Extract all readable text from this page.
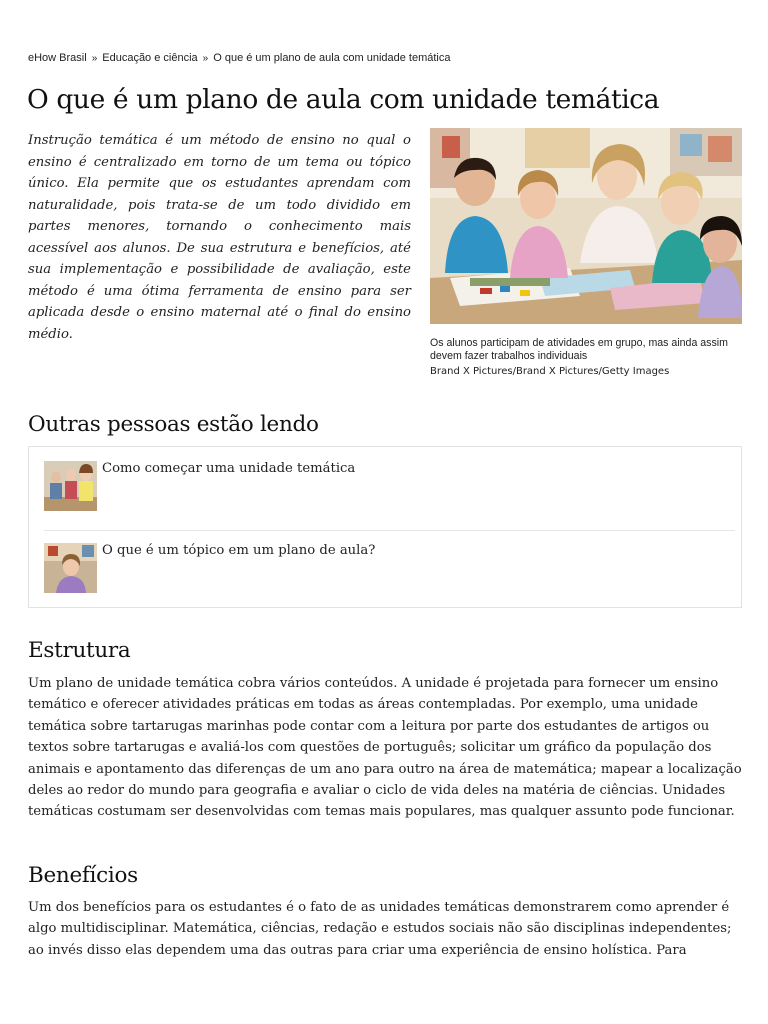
eHow Brasil » Educação e ciência » O que é um plano de aula com unidade temática
O que é um plano de aula com unidade temática

Instrução temática é um método de ensino no qual o ensino é centralizado em torno de um tema ou tópico único. Ela permite que os estudantes aprendam com naturalidade, pois trata-se de um todo dividido em partes menores, tornando o conhecimento mais acessível aos alunos. De sua estrutura e benefícios, até sua implementação e possibilidade de avaliação, este método é uma ótima ferramenta de ensino para ser aplicada desde o ensino maternal até o final do ensino médio.

Os alunos participam de atividades em grupo, mas ainda assim devem fazer trabalhos individuais
Brand X Pictures/Brand X Pictures/Getty Images
Outras pessoas estão lendo
Como começar uma unidade temática
O que é um tópico em um plano de aula?
Estrutura

Um plano de unidade temática cobra vários conteúdos. A unidade é projetada para fornecer um ensino temático e oferecer atividades práticas em todas as áreas contempladas. Por exemplo, uma unidade temática sobre tartarugas marinhas pode contar com a leitura por parte dos estudantes de artigos ou textos sobre tartarugas e avaliá-los com questões de português; solicitar um gráfico da população dos animais e apontamento das diferenças de um ano para outro na área de matemática; mapear a localização deles ao redor do mundo para geografia e avaliar o ciclo de vida deles na matéria de ciências. Unidades temáticas costumam ser desenvolvidas com temas mais populares, mas qualquer assunto pode funcionar.

Benefícios

Um dos benefícios para os estudantes é o fato de as unidades temáticas demonstrarem como aprender é algo multidisciplinar. Matemática, ciências, redação e estudos sociais não são disciplinas independentes; ao invés disso elas dependem uma das outras para criar uma experiência de ensino holística. Para
